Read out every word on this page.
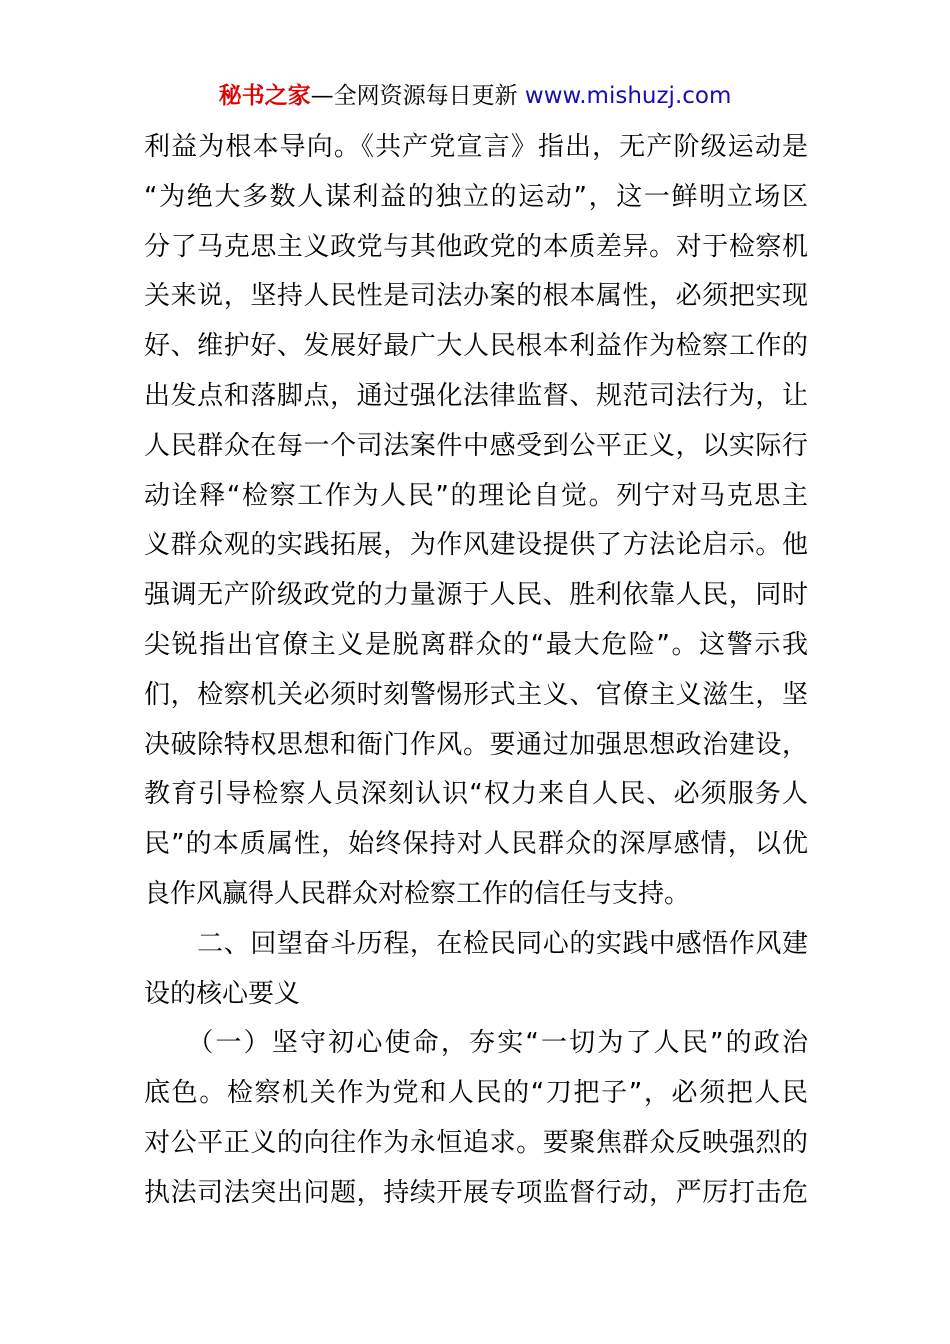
秘书之家—全网资源每日更新 www.mishuzj.com
利益为根本导向。《共产党宣言》指出，无产阶级运动是
“为绝大多数人谋利益的独立的运动”，这一鲜明立场区
分了马克思主义政党与其他政党的本质差异。对于检察机
关来说，坚持人民性是司法办案的根本属性，必须把实现
好、维护好、发展好最广大人民根本利益作为检察工作的
出发点和落脚点，通过强化法律监督、规范司法行为，让
人民群众在每一个司法案件中感受到公平正义，以实际行
动诠释“检察工作为人民”的理论自觉。列宁对马克思主
义群众观的实践拓展，为作风建设提供了方法论启示。他
强调无产阶级政党的力量源于人民、胜利依靠人民，同时
尖锐指出官僚主义是脱离群众的“最大危险”。这警示我
们，检察机关必须时刻警惕形式主义、官僚主义滋生，坚
决破除特权思想和衙门作风。要通过加强思想政治建设，
教育引导检察人员深刻认识“权力来自人民、必须服务人
民”的本质属性，始终保持对人民群众的深厚感情，以优
良作风赢得人民群众对检察工作的信任与支持。
　　二、回望奋斗历程，在检民同心的实践中感悟作风建
设的核心要义
　　（一）坚守初心使命，夯实“一切为了人民”的政治
底色。检察机关作为党和人民的“刀把子”，必须把人民
对公平正义的向往作为永恒追求。要聚焦群众反映强烈的
执法司法突出问题，持续开展专项监督行动，严厉打击危
